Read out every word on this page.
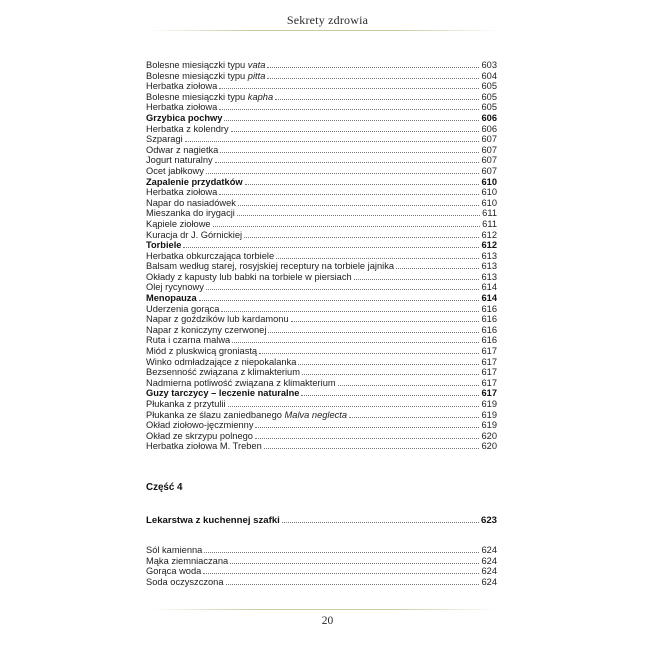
Sekrety zdrowia
Bolesne miesiączki typu vata	603
Bolesne miesiączki typu pitta	604
Herbatka ziołowa	605
Bolesne miesiączki typu kapha	605
Herbatka ziołowa	605
Grzybica pochwy	606
Herbatka z kolendry	606
Szparagi	607
Odwar z nagietka	607
Jogurt naturalny	607
Ocet jabłkowy	607
Zapalenie przydatków	610
Herbatka ziołowa	610
Napar do nasiadówek	610
Mieszanka do irygacji	611
Kąpiele ziołowe	611
Kuracja dr J. Górnickiej	612
Torbiele	612
Herbatka obkurczająca torbiele	613
Balsam według starej, rosyjskiej receptury na torbiele jajnika	613
Okłady z kapusty lub babki na torbiele w piersiach	613
Olej rycynowy	614
Menopauza	614
Uderzenia gorąca	616
Napar z goździków lub kardamonu	616
Napar z koniczyny czerwonej	616
Ruta i czarna malwa	616
Miód z pluskwicą groniastą	617
Winko odmładzające z niepokalanka	617
Bezsenność związana z klimakterium	617
Nadmierna potliwość związana z klimakterium	617
Guzy tarczycy – leczenie naturalne	617
Płukanka z przytulii	619
Płukanka ze ślazu zaniedbanego Malva neglecta	619
Okład ziołowo-jęczmienny	619
Okład ze skrzypu polnego	620
Herbatka ziołowa M. Treben	620
Część 4
Lekarstwa z kuchennej szafki	623
Sól kamienna	624
Mąka ziemniaczana	624
Gorąca woda	624
Soda oczyszczona	624
20
